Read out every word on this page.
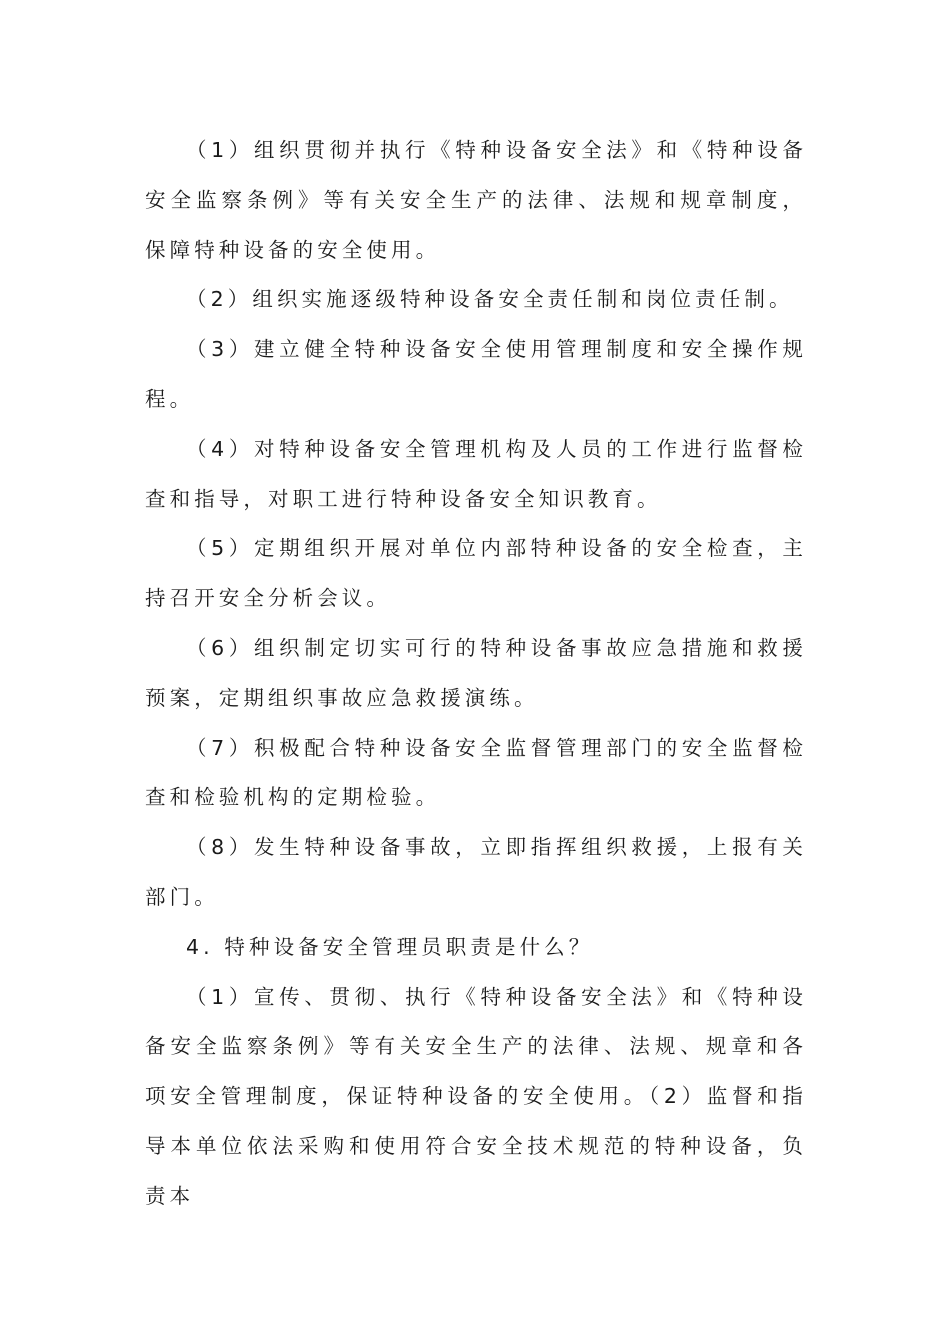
（1）组织贯彻并执行《特种设备安全法》和《特种设备安全监察条例》等有关安全生产的法律、法规和规章制度，保障特种设备的安全使用。

（2）组织实施逐级特种设备安全责任制和岗位责任制。

（3）建立健全特种设备安全使用管理制度和安全操作规程。

（4）对特种设备安全管理机构及人员的工作进行监督检查和指导，对职工进行特种设备安全知识教育。

（5）定期组织开展对单位内部特种设备的安全检查，主持召开安全分析会议。

（6）组织制定切实可行的特种设备事故应急措施和救援预案，定期组织事故应急救援演练。

（7）积极配合特种设备安全监督管理部门的安全监督检查和检验机构的定期检验。

（8）发生特种设备事故，立即指挥组织救援，上报有关部门。

4. 特种设备安全管理员职责是什么？

（1）宣传、贯彻、执行《特种设备安全法》和《特种设备安全监察条例》等有关安全生产的法律、法规、规章和各项安全管理制度，保证特种设备的安全使用。（2）监督和指导本单位依法采购和使用符合安全技术规范的特种设备，负责本
